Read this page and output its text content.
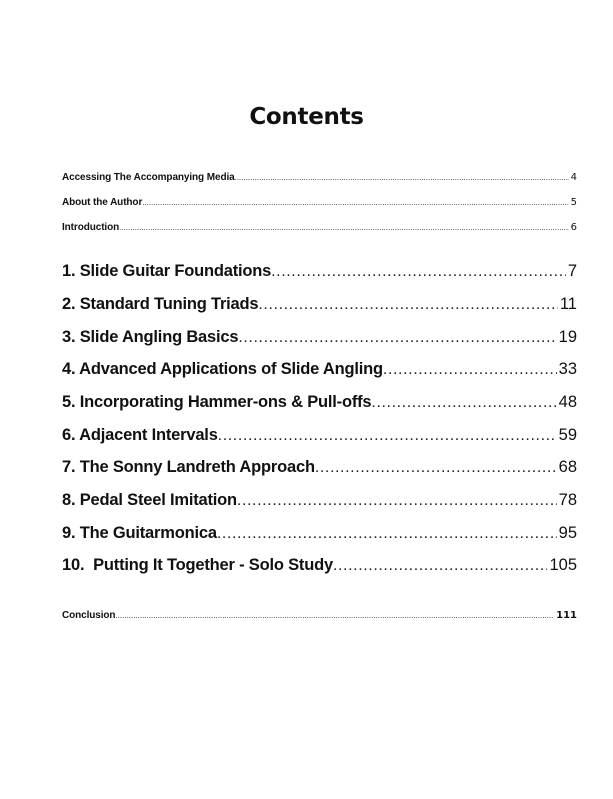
Contents
Accessing The Accompanying Media .....	4
About the Author .....	5
Introduction .....	6
1. Slide Guitar Foundations .....	7
2. Standard Tuning Triads .....	11
3. Slide Angling Basics .....	19
4. Advanced Applications of Slide Angling .....	33
5. Incorporating Hammer-ons & Pull-offs .....	48
6. Adjacent Intervals .....	59
7. The Sonny Landreth Approach .....	68
8. Pedal Steel Imitation .....	78
9. The Guitarmonica .....	95
10.  Putting It Together - Solo Study .....	105
Conclusion .....	111
